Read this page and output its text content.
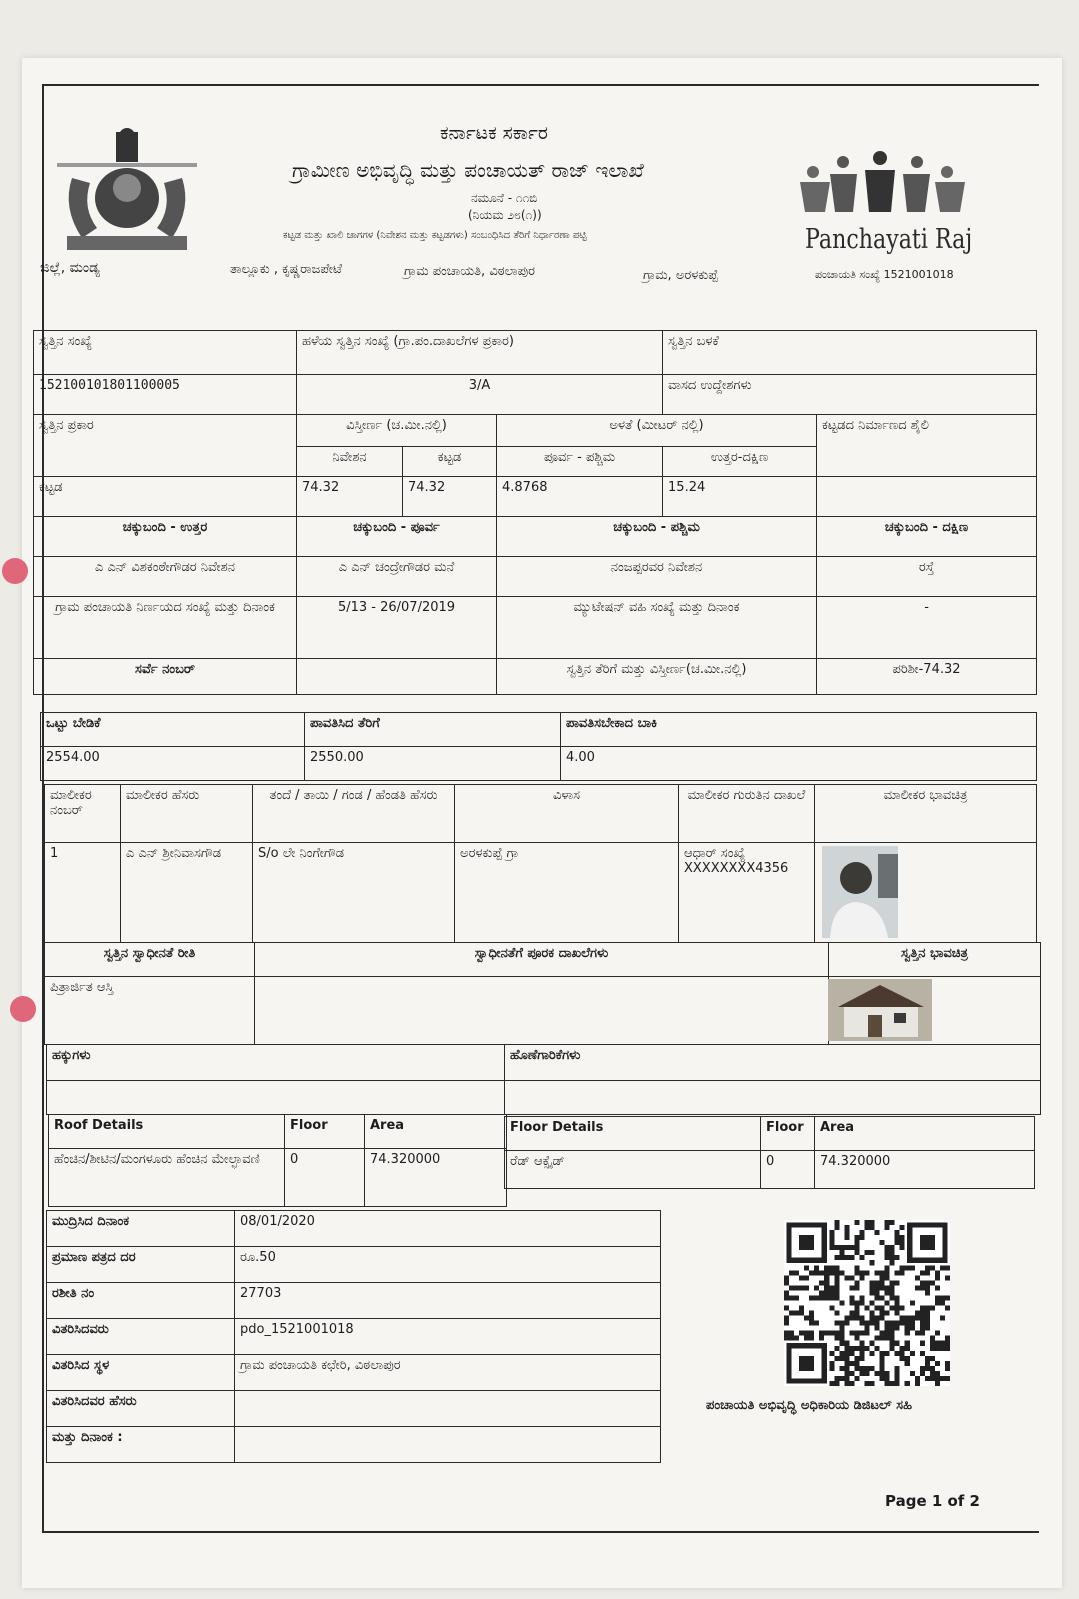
ಕರ್ನಾಟಕ ಸರ್ಕಾರ
ಗ್ರಾಮೀಣ ಅಭಿವೃದ್ಧಿ ಮತ್ತು ಪಂಚಾಯತ್ ರಾಜ್ ಇಲಾಖೆ
ನಮೂನೆ - ೧೧ಬಿ
(ನಿಯಮ ೨೮(೧))
ಕಟ್ಟಡ ಮತ್ತು ಖಾಲಿ ಜಾಗಗಳ (ನಿವೇಶನ ಮತ್ತು ಕಟ್ಟಡಗಳು) ಸಂಬಂಧಿಸಿದ ತೆರಿಗೆ ನಿರ್ಧಾರಣಾ ಪಟ್ಟಿ
ಜಿಲ್ಲೆ, ಮಂಡ್ಯ	ತಾಲ್ಲೂಕು , ಕೃಷ್ಣರಾಜಪೇಟೆ	ಗ್ರಾಮ ಪಂಚಾಯತಿ, ವಿಠಲಾಪುರ	ಗ್ರಾಮ, ಅರಳಕುಪ್ಪೆ
Panchayati Raj
ಪಂಚಾಯತಿ ಸಂಖ್ಯೆ 1521001018
ಸ್ವತ್ತಿನ ಸಂಖ್ಯೆ	ಹಳೆಯ ಸ್ವತ್ತಿನ ಸಂಖ್ಯೆ (ಗ್ರಾ.ಪಂ.ದಾಖಲೆಗಳ ಪ್ರಕಾರ)			ಸ್ವತ್ತಿನ ಬಳಕೆ	
152100101801100005	3/A			ವಾಸದ ಉದ್ದೇಶಗಳು	
ಸ್ವತ್ತಿನ ಪ್ರಕಾರ	ವಿಸ್ತೀರ್ಣ (ಚ.ಮೀ.ನಲ್ಲಿ)		ಅಳತೆ (ಮೀಟರ್ ನಲ್ಲಿ)		ಕಟ್ಟಡದ ನಿರ್ಮಾಣದ ಶೈಲಿ
	ನಿವೇಶನ	ಕಟ್ಟಡ	ಪೂರ್ವ - ಪಶ್ಚಿಮ	ಉತ್ತರ-ದಕ್ಷಿಣ	
ಕಟ್ಟಡ	74.32	74.32	4.8768	15.24	
ಚಕ್ಕುಬಂದಿ - ಉತ್ತರ	ಚಕ್ಕುಬಂದಿ - ಪೂರ್ವ		ಚಕ್ಕುಬಂದಿ - ಪಶ್ಚಿಮ		ಚಕ್ಕುಬಂದಿ - ದಕ್ಷಿಣ
ಎ ಎನ್ ವಿಶಕಂಠೇಗೌಡರ ನಿವೇಶನ	ಎ ಎನ್ ಚಂದ್ರೇಗೌಡರ ಮನೆ		ನಂಜಪ್ಪರವರ ನಿವೇಶನ		ರಸ್ತೆ
ಗ್ರಾಮ ಪಂಚಾಯತಿ ನಿರ್ಣಯದ ಸಂಖ್ಯೆ ಮತ್ತು ದಿನಾಂಕ	5/13 - 26/07/2019		ಮ್ಯುಟೇಷನ್ ವಹಿ ಸಂಖ್ಯೆ ಮತ್ತು ದಿನಾಂಕ		-
ಸರ್ವೆ ನಂಬರ್			ಸ್ವತ್ತಿನ ತೆರಿಗೆ ಮತ್ತು ವಿಸ್ತೀರ್ಣ(ಚ.ಮೀ.ನಲ್ಲಿ)		ಪರಿಶೀ-74.32
ಒಟ್ಟು ಬೇಡಿಕೆ	ಪಾವತಿಸಿದ ತೆರಿಗೆ	ಪಾವತಿಸಬೇಕಾದ ಬಾಕಿ
2554.00	2550.00	4.00
ಮಾಲೀಕರ ನಂಬರ್	ಮಾಲೀಕರ ಹೆಸರು	ತಂದೆ / ತಾಯಿ / ಗಂಡ / ಹೆಂಡತಿ ಹೆಸರು	ವಿಳಾಸ	ಮಾಲೀಕರ ಗುರುತಿನ ದಾಖಲೆ	ಮಾಲೀಕರ ಭಾವಚಿತ್ರ
1	ಎ ಎನ್ ಶ್ರೀನಿವಾಸಗೌಡ	S/o ಲೇ ನಿಂಗೇಗೌಡ	ಅರಳಕುಪ್ಪೆ ಗ್ರಾ	ಆಧಾರ್ ಸಂಖ್ಯೆ XXXXXXXX4356	
ಸ್ವತ್ತಿನ ಸ್ವಾಧೀನತೆ ರೀತಿ	ಸ್ವಾಧೀನತೆಗೆ ಪೂರಕ ದಾಖಲೆಗಳು	ಸ್ವತ್ತಿನ ಭಾವಚಿತ್ರ
ಪಿತ್ರಾರ್ಜಿತ ಆಸ್ತಿ		
ಹಕ್ಕುಗಳು	ಹೊಣೆಗಾರಿಕೆಗಳು

Roof Details	Floor	Area
ಹೆಂಚಿನ/ಶೀಟಿನ/ಮಂಗಳೂರು ಹೆಂಚಿನ ಮೇಲ್ಛಾವಣಿ	0	74.320000
Floor Details	Floor	Area
ರೆಡ್ ಆಕ್ಸೈಡ್	0	74.320000
ಮುದ್ರಿಸಿದ ದಿನಾಂಕ	08/01/2020
ಪ್ರಮಾಣ ಪತ್ರದ ದರ	ರೂ.50
ರಶೀತಿ ನಂ	27703
ವಿತರಿಸಿದವರು	pdo_1521001018
ವಿತರಿಸಿದ ಸ್ಥಳ	ಗ್ರಾಮ ಪಂಚಾಯತಿ ಕಛೇರಿ, ವಿಠಲಾಪುರ
ವಿತರಿಸಿದವರ ಹೆಸರು	
ಮತ್ತು ದಿನಾಂಕ :	
ಪಂಚಾಯತಿ ಅಭಿವೃದ್ಧಿ ಅಧಿಕಾರಿಯ ಡಿಜಿಟಲ್ ಸಹಿ
Page 1 of 2
